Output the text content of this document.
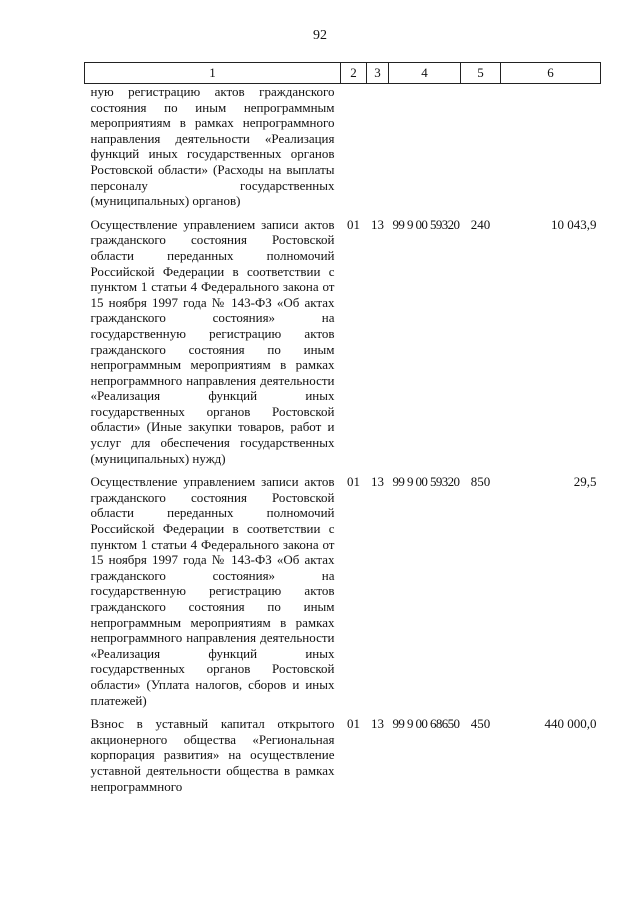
92
1	2	3	4	5	6
ную регистрацию актов гражданского состояния по иным непрограммным мероприятиям в рамках непрограммного направления деятельности «Реализация функций иных государственных органов Ростовской области» (Расходы на выплаты персоналу государственных (муниципальных) органов)					
Осуществление управлением записи актов гражданского состояния Ростовской области переданных полномочий Российской Федерации в соответствии с пунктом 1 статьи 4 Федерального закона от 15 ноября 1997 года № 143-ФЗ «Об актах гражданского состояния» на государственную регистрацию актов гражданского состояния по иным непрограммным мероприятиям в рамках непрограммного направления деятельности «Реализация функций иных государственных органов Ростовской области» (Иные закупки товаров, работ и услуг для обеспечения государственных (муниципальных) нужд)	01	13	99 9 00 59320	240	10 043,9
Осуществление управлением записи актов гражданского состояния Ростовской области переданных полномочий Российской Федерации в соответствии с пунктом 1 статьи 4 Федерального закона от 15 ноября 1997 года № 143-ФЗ «Об актах гражданского состояния» на государственную регистрацию актов гражданского состояния по иным непрограммным мероприятиям в рамках непрограммного направления деятельности «Реализация функций иных государственных органов Ростовской области» (Уплата налогов, сборов и иных платежей)	01	13	99 9 00 59320	850	29,5
Взнос в уставный капитал открытого акционерного общества «Региональная корпорация развития» на осуществление уставной деятельности общества в рамках непрограммного	01	13	99 9 00 68650	450	440 000,0
